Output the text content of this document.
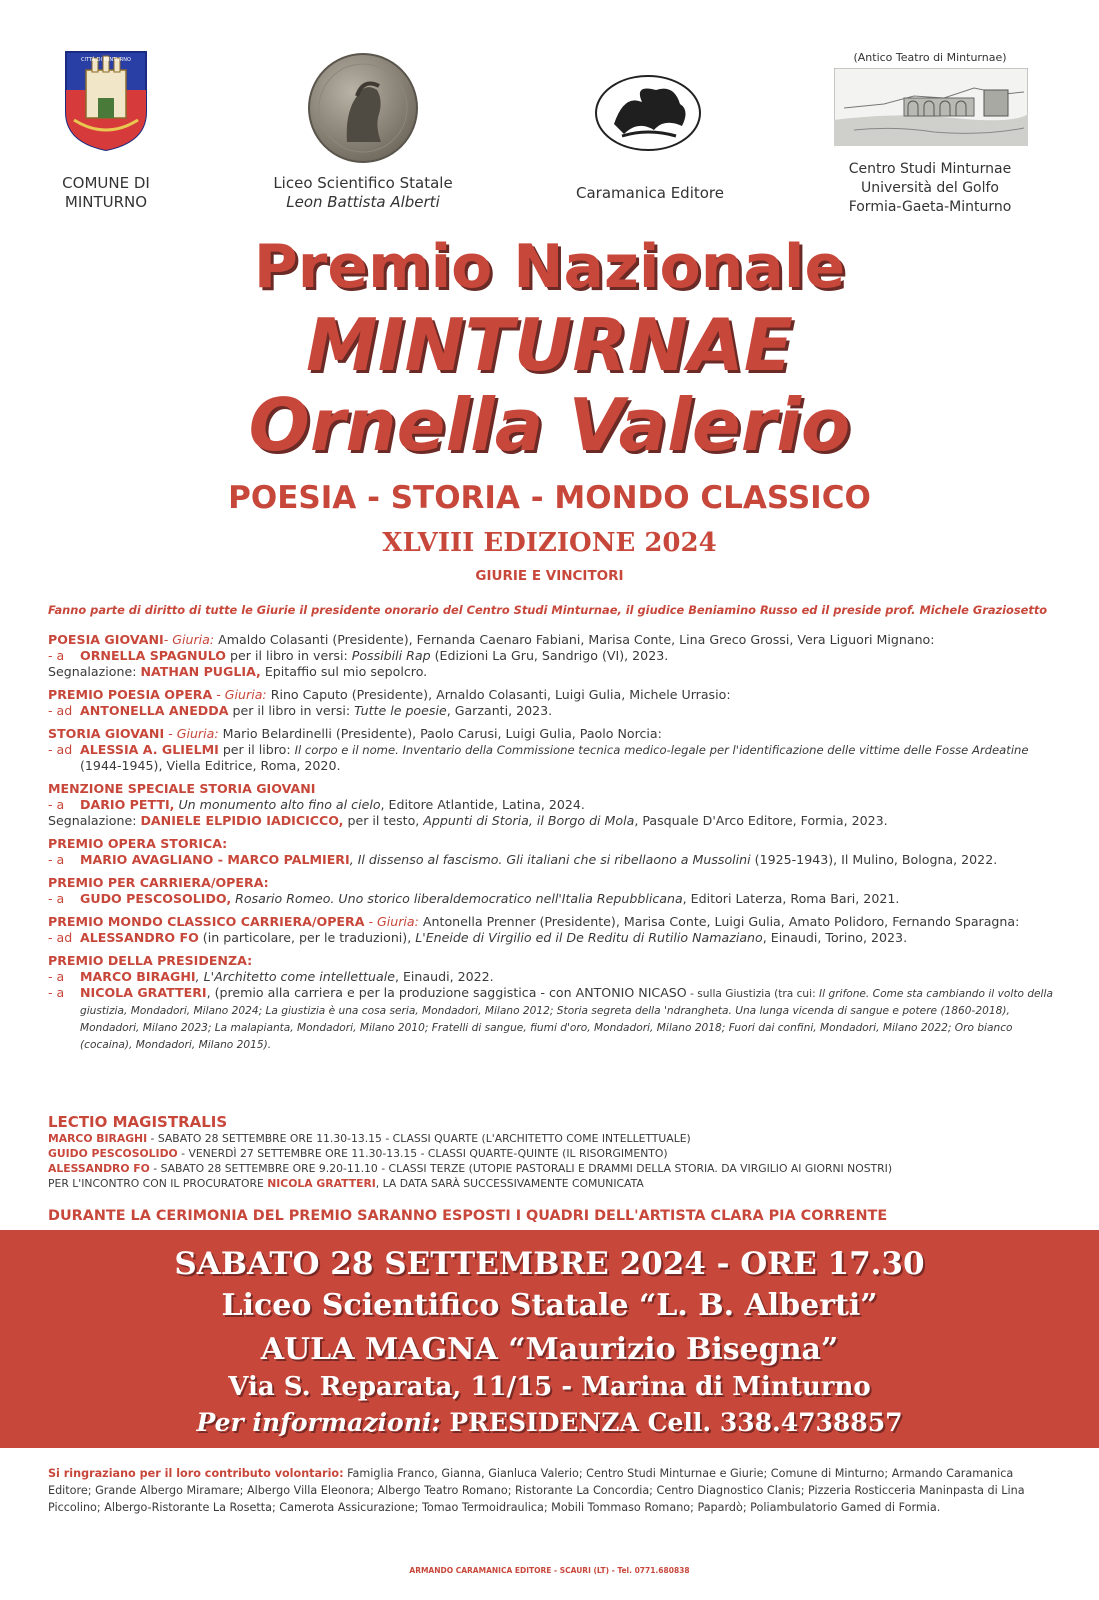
CITTÀ DI MINTURNO
COMUNE DI
MINTURNO
Liceo Scientifico Statale
Leon Battista Alberti	Caramanica Editore
(Antico Teatro di Minturnae)
Centro Studi Minturnae
Università del Golfo
Formia-Gaeta-Minturno
Premio Nazionale
MINTURNAE
Ornella Valerio
POESIA - STORIA - MONDO CLASSICO
XLVIII EDIZIONE 2024
GIURIE E VINCITORI
Fanno parte di diritto di tutte le Giurie il presidente onorario del Centro Studi Minturnae, il giudice Beniamino Russo ed il preside prof. Michele Graziosetto
POESIA GIOVANI- Giuria: Amaldo Colasanti (Presidente), Fernanda Caenaro Fabiani, Marisa Conte, Lina Greco Grossi, Vera Liguori Mignano:
- a ORNELLA SPAGNULO per il libro in versi: Possibili Rap (Edizioni La Gru, Sandrigo (VI), 2023.
Segnalazione: NATHAN PUGLIA, Epitaffio sul mio sepolcro.
PREMIO POESIA OPERA - Giuria: Rino Caputo (Presidente), Arnaldo Colasanti, Luigi Gulia, Michele Urrasio:
- ad ANTONELLA ANEDDA per il libro in versi: Tutte le poesie, Garzanti, 2023.
STORIA GIOVANI - Giuria: Mario Belardinelli (Presidente), Paolo Carusi, Luigi Gulia, Paolo Norcia:
- ad ALESSIA A. GLIELMI per il libro: Il corpo e il nome. Inventario della Commissione tecnica medico-legale per l'identificazione delle vittime delle Fosse Ardeatine (1944-1945), Viella Editrice, Roma, 2020.
MENZIONE SPECIALE STORIA GIOVANI
- a DARIO PETTI, Un monumento alto fino al cielo, Editore Atlantide, Latina, 2024.
Segnalazione: DANIELE ELPIDIO IADICICCO, per il testo, Appunti di Storia, il Borgo di Mola, Pasquale D'Arco Editore, Formia, 2023.
PREMIO OPERA STORICA:
- a MARIO AVAGLIANO - MARCO PALMIERI, Il dissenso al fascismo. Gli italiani che si ribellaono a Mussolini (1925-1943), Il Mulino, Bologna, 2022.
PREMIO PER CARRIERA/OPERA:
- a GUDO PESCOSOLIDO, Rosario Romeo. Uno storico liberaldemocratico nell'Italia Repubblicana, Editori Laterza, Roma Bari, 2021.
PREMIO MONDO CLASSICO CARRIERA/OPERA - Giuria: Antonella Prenner (Presidente), Marisa Conte, Luigi Gulia, Amato Polidoro, Fernando Sparagna:
- ad ALESSANDRO FO (in particolare, per le traduzioni), L'Eneide di Virgilio ed il De Reditu di Rutilio Namaziano, Einaudi, Torino, 2023.
PREMIO DELLA PRESIDENZA:
- a MARCO BIRAGHI, L'Architetto come intellettuale, Einaudi, 2022.
- a NICOLA GRATTERI, (premio alla carriera e per la produzione saggistica - con ANTONIO NICASO - sulla Giustizia (tra cui: Il grifone. Come sta cambiando il volto della giustizia, Mondadori, Milano 2024; La giustizia è una cosa seria, Mondadori, Milano 2012; Storia segreta della 'ndrangheta. Una lunga vicenda di sangue e potere (1860-2018), Mondadori, Milano 2023; La malapianta, Mondadori, Milano 2010; Fratelli di sangue, fiumi d'oro, Mondadori, Milano 2018; Fuori dai confini, Mondadori, Milano 2022; Oro bianco (cocaina), Mondadori, Milano 2015).
LECTIO MAGISTRALIS
MARCO BIRAGHI - SABATO 28 SETTEMBRE ORE 11.30-13.15 - CLASSI QUARTE (L'ARCHITETTO COME INTELLETTUALE)
GUIDO PESCOSOLIDO - VENERDÌ 27 SETTEMBRE ORE 11.30-13.15 - CLASSI QUARTE-QUINTE (IL RISORGIMENTO)
ALESSANDRO FO - SABATO 28 SETTEMBRE ORE 9.20-11.10 - CLASSI TERZE (UTOPIE PASTORALI E DRAMMI DELLA STORIA. DA VIRGILIO AI GIORNI NOSTRI)
PER L'INCONTRO CON IL PROCURATORE NICOLA GRATTERI, LA DATA SARÀ SUCCESSIVAMENTE COMUNICATA
DURANTE LA CERIMONIA DEL PREMIO SARANNO ESPOSTI I QUADRI DELL'ARTISTA CLARA PIA CORRENTE
SABATO 28 SETTEMBRE 2024 - ORE 17.30
Liceo Scientifico Statale “L. B. Alberti”
AULA MAGNA “Maurizio Bisegna”
Via S. Reparata, 11/15 - Marina di Minturno
Per informazioni: PRESIDENZA Cell. 338.4738857
Si ringraziano per il loro contributo volontario: Famiglia Franco, Gianna, Gianluca Valerio; Centro Studi Minturnae e Giurie; Comune di Minturno; Armando Caramanica Editore; Grande Albergo Miramare; Albergo Villa Eleonora; Albergo Teatro Romano; Ristorante La Concordia; Centro Diagnostico Clanis; Pizzeria Rosticceria Maninpasta di Lina Piccolino; Albergo-Ristorante La Rosetta; Camerota Assicurazione; Tomao Termoidraulica; Mobili Tommaso Romano; Papardò; Poliambulatorio Gamed di Formia.
ARMANDO CARAMANICA EDITORE - SCAURI (LT) - Tel. 0771.680838
